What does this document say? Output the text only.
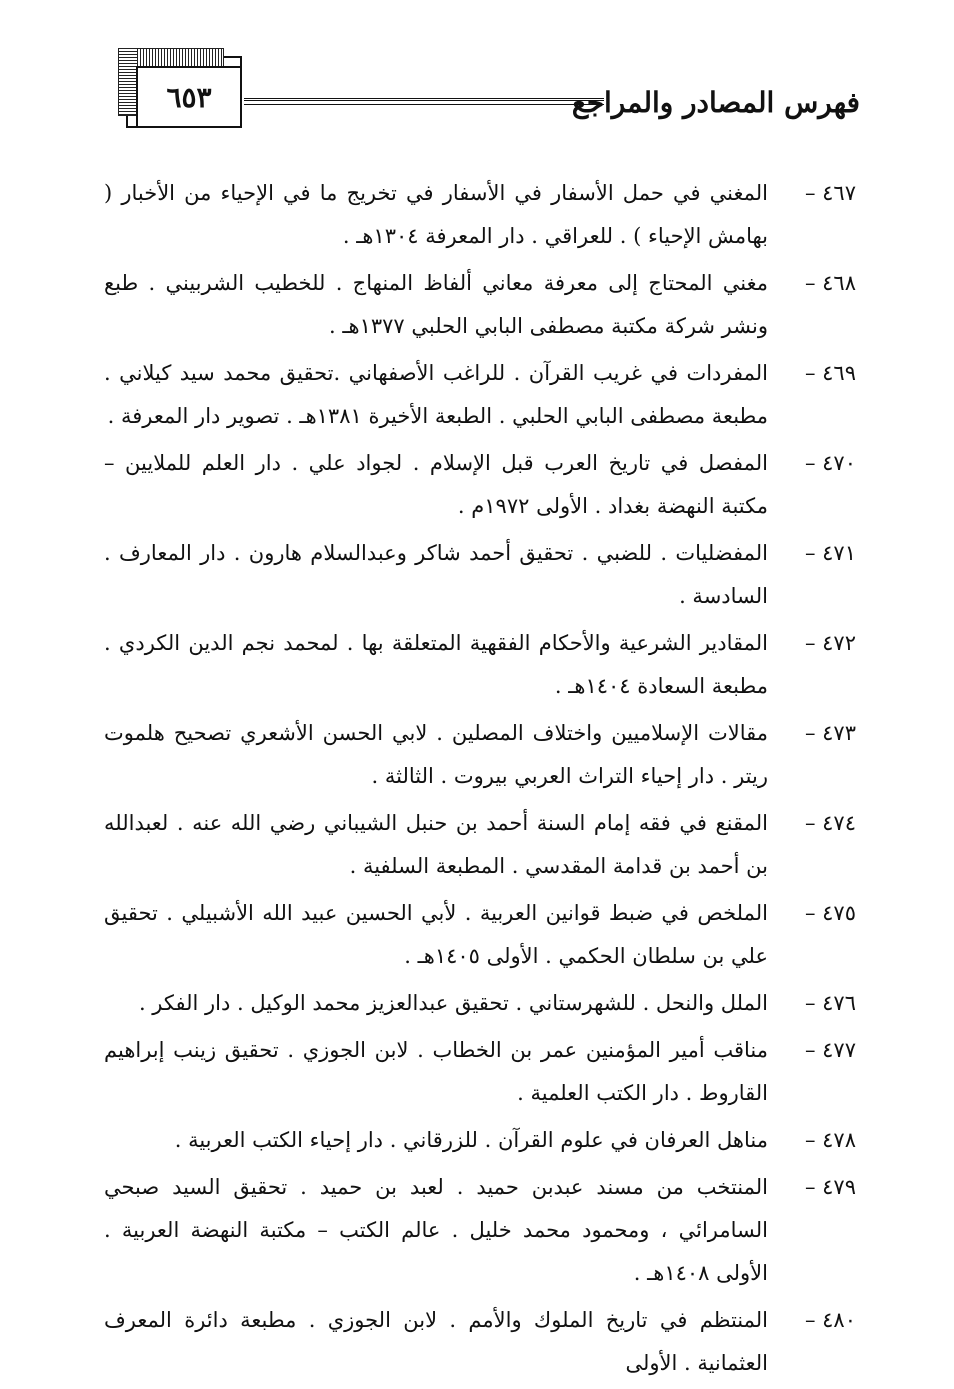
٦٥٣	فهرس المصادر والمراجع
٤٦٧ –
المغني في حمل الأسفار في الأسفار في تخريج ما في الإحياء من الأخبار ( بهامش الإحياء ) . للعراقي . دار المعرفة ١٣٠٤هـ .
٤٦٨ –
مغني المحتاج إلى معرفة معاني ألفاظ المنهاج . للخطيب الشربيني . طبع ونشر شركة مكتبة مصطفى البابي الحلبي ١٣٧٧هـ .
٤٦٩ –
المفردات في غريب القرآن . للراغب الأصفهاني .تحقيق محمد سيد كيلاني . مطبعة مصطفى البابي الحلبي . الطبعة الأخيرة ١٣٨١هـ . تصوير دار المعرفة .
٤٧٠ –
المفصل في تاريخ العرب قبل الإسلام . لجواد علي . دار العلم للملايين – مكتبة النهضة بغداد . الأولى ١٩٧٢م .
٤٧١ –
المفضليات . للضبي . تحقيق أحمد شاكر وعبدالسلام هارون . دار المعارف . السادسة .
٤٧٢ –
المقادير الشرعية والأحكام الفقهية المتعلقة بها . لمحمد نجم الدين الكردي . مطبعة السعادة ١٤٠٤هـ .
٤٧٣ –
مقالات الإسلاميين واختلاف المصلين . لابي الحسن الأشعري تصحيح هلموت ريتر . دار إحياء التراث العربي بيروت . الثالثة .
٤٧٤ –
المقنع في فقه إمام السنة أحمد بن حنبل الشيباني رضي الله عنه . لعبدالله بن أحمد بن قدامة المقدسي . المطبعة السلفية .
٤٧٥ –
الملخص في ضبط قوانين العربية . لأبي الحسين عبيد الله الأشبيلي . تحقيق علي بن سلطان الحكمي . الأولى ١٤٠٥هـ .
٤٧٦ –
الملل والنحل . للشهرستاني . تحقيق عبدالعزيز محمد الوكيل . دار الفكر .
٤٧٧ –
مناقب أمير المؤمنين عمر بن الخطاب . لابن الجوزي . تحقيق زينب إبراهيم القاروط . دار الكتب العلمية .
٤٧٨ –
مناهل العرفان في علوم القرآن . للزرقاني . دار إحياء الكتب العربية .
٤٧٩ –
المنتخب من مسند عبدبن حميد . لعبد بن حميد . تحقيق السيد صبحي السامرائي ، ومحمود محمد خليل . عالم الكتب – مكتبة النهضة العربية . الأولى ١٤٠٨هـ .
٤٨٠ –
المنتظم في تاريخ الملوك والأمم . لابن الجوزي . مطبعة دائرة المعرف العثمانية . الأولى
